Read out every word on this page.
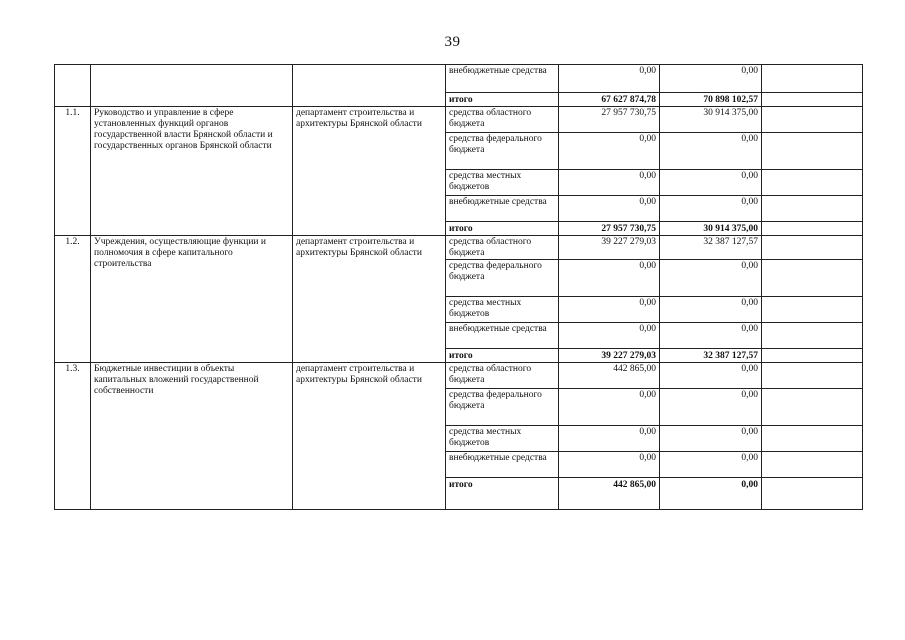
39
			внебюджетные средства	0,00	0,00	
			итого	67 627 874,78	70 898 102,57	
1.1.	Руководство и управление в сфере установленных функций органов государственной власти Брянской области и государственных органов Брянской области	департамент строительства и архитектуры Брянской области	средства областного бюджета	27 957 730,75	30 914 375,00	
			средства федерального бюджета	0,00	0,00	
			средства местных бюджетов	0,00	0,00	
			внебюджетные средства	0,00	0,00	
			итого	27 957 730,75	30 914 375,00	
1.2.	Учреждения, осуществляющие функции и полномочия в сфере капитального строительства	департамент строительства и архитектуры Брянской области	средства областного бюджета	39 227 279,03	32 387 127,57	
			средства федерального бюджета	0,00	0,00	
			средства местных бюджетов	0,00	0,00	
			внебюджетные средства	0,00	0,00	
			итого	39 227 279,03	32 387 127,57	
1.3.	Бюджетные инвестиции в объекты капитальных вложений государственной собственности	департамент строительства и архитектуры Брянской области	средства областного бюджета	442 865,00	0,00	
			средства федерального бюджета	0,00	0,00	
			средства местных бюджетов	0,00	0,00	
			внебюджетные средства	0,00	0,00	
			итого	442 865,00	0,00	
